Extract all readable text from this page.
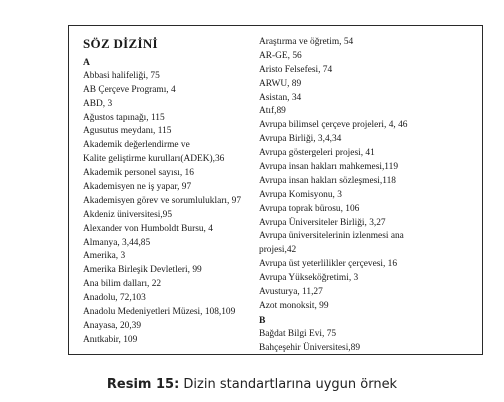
SÖZ DİZİNİ
A
Abbasi halifeliği, 75
AB Çerçeve Programı, 4
ABD, 3
Ağustos tapınağı, 115
Agusutus meydanı, 115
Akademik değerlendirme ve
Kalite geliştirme kurulları(ADEK),36
Akademik personel sayısı, 16
Akademisyen ne iş yapar, 97
Akademisyen görev ve sorumlulukları, 97
Akdeniz üniversitesi,95
Alexander von Humboldt Bursu, 4
Almanya, 3,44,85
Amerika, 3
Amerika Birleşik Devletleri, 99
Ana bilim dalları, 22
Anadolu, 72,103
Anadolu Medeniyetleri Müzesi, 108,109
Anayasa, 20,39
Anıtkabir, 109
Araştırma ve öğretim, 54
AR-GE, 56
Aristo Felsefesi, 74
ARWU, 89
Asistan, 34
Atıf,89
Avrupa bilimsel çerçeve projeleri, 4, 46
Avrupa Birliği, 3,4,34
Avrupa göstergeleri projesi, 41
Avrupa insan hakları mahkemesi,119
Avrupa insan hakları sözleşmesi,118
Avrupa Komisyonu, 3
Avrupa toprak bürosu, 106
Avrupa Üniversiteler Birliği, 3,27
Avrupa üniversitelerinin izlenmesi ana
projesi,42
Avrupa üst yeterlilikler çerçevesi, 16
Avrupa Yükseköğretimi, 3
Avusturya, 11,27
Azot monoksit, 99
B
Bağdat Bilgi Evi, 75
Bahçeşehir Üniversitesi,89
Resim 15: Dizin standartlarına uygun örnek
